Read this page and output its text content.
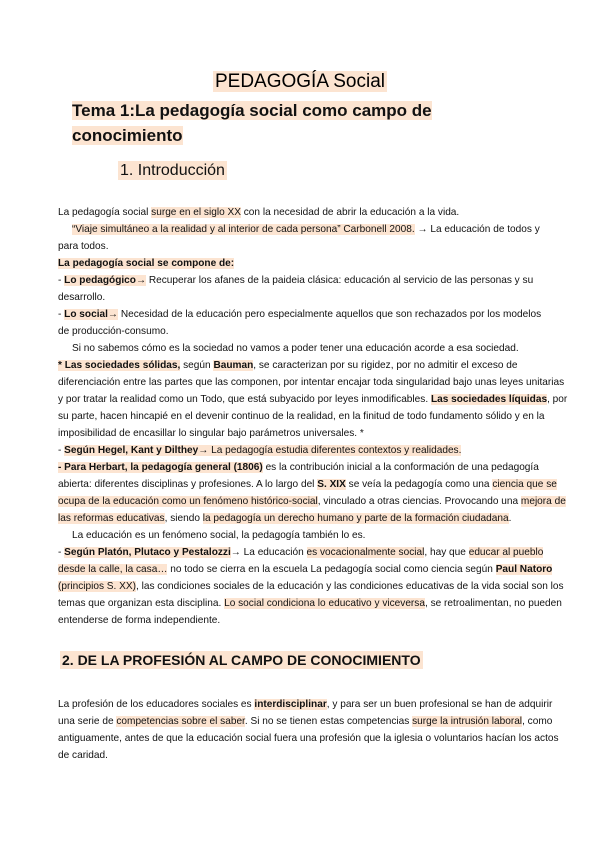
PEDAGOGÍA Social
Tema 1:La pedagogía social como campo de conocimiento
1. Introducción
La pedagogía social surge en el siglo XX con la necesidad de abrir la educación a la vida.
“Viaje simultáneo a la realidad y al interior de cada persona” Carbonell 2008. → La educación de todos y
para todos.
La pedagogía social se compone de:
- Lo pedagógico→ Recuperar los afanes de la paideia clásica: educación al servicio de las personas y su
desarrollo.
- Lo social→ Necesidad de la educación pero especialmente aquellos que son rechazados por los modelos
de producción-consumo.
Si no sabemos cómo es la sociedad no vamos a poder tener una educación acorde a esa sociedad.
* Las sociedades sólidas, según Bauman, se caracterizan por su rigidez, por no admitir el exceso de
diferenciación entre las partes que las componen, por intentar encajar toda singularidad bajo unas leyes unitarias
y por tratar la realidad como un Todo, que está subyacido por leyes inmodificables. Las sociedades líquidas, por
su parte, hacen hincapié en el devenir continuo de la realidad, en la finitud de todo fundamento sólido y en la
imposibilidad de encasillar lo singular bajo parámetros universales. *
- Según Hegel, Kant y Dilthey→ La pedagogía estudia diferentes contextos y realidades.
- Para Herbart, la pedagogía general (1806) es la contribución inicial a la conformación de una pedagogía
abierta: diferentes disciplinas y profesiones. A lo largo del S. XIX se veía la pedagogía como una ciencia que se
ocupa de la educación como un fenómeno histórico-social, vinculado a otras ciencias. Provocando una mejora de
las reformas educativas, siendo la pedagogía un derecho humano y parte de la formación ciudadana.
La educación es un fenómeno social, la pedagogía también lo es.
- Según Platón, Plutaco y Pestalozzi→ La educación es vocacionalmente social, hay que educar al pueblo
desde la calle, la casa… no todo se cierra en la escuela La pedagogía social como ciencia según Paul Natoro
(principios S. XX), las condiciones sociales de la educación y las condiciones educativas de la vida social son los
temas que organizan esta disciplina. Lo social condiciona lo educativo y viceversa, se retroalimentan, no pueden
entenderse de forma independiente.
2. DE LA PROFESIÓN AL CAMPO DE CONOCIMIENTO
La profesión de los educadores sociales es interdisciplinar, y para ser un buen profesional se han de adquirir
una serie de competencias sobre el saber. Si no se tienen estas competencias surge la intrusión laboral, como
antiguamente, antes de que la educación social fuera una profesión que la iglesia o voluntarios hacían los actos
de caridad.
